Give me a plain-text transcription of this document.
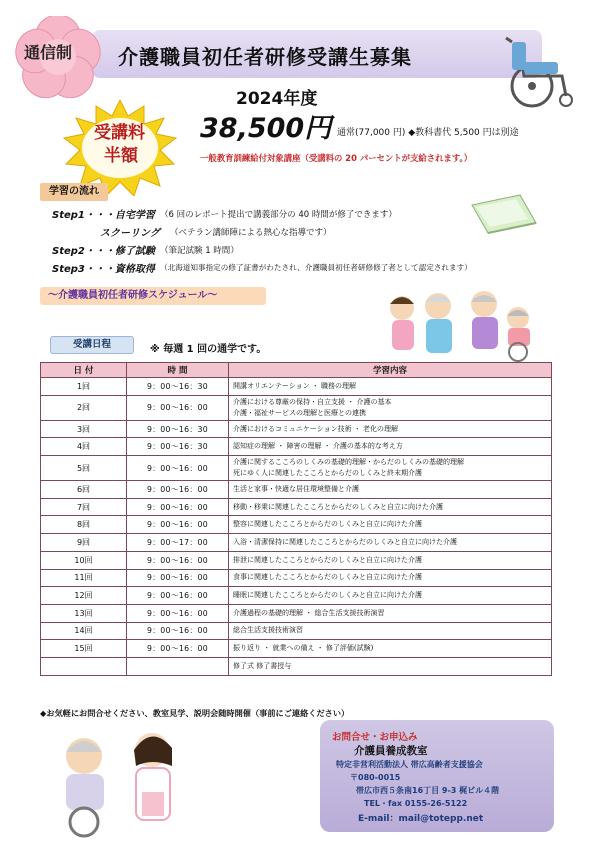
通信制 介護職員初任者研修受講生募集
2024年度
受講料
半額
38,500円 通常(77,000 円) ◆教科書代 5,500 円は別途
一般教育訓練給付対象講座（受講料の 20 パーセントが支給されます。）
学習の流れ
Step1・・・自宅学習 （6 回のレポート提出で講義部分の 40 時間が修了できます）
スクーリング （ベテラン講師陣による熱心な指導です）
Step2・・・修了試験 （筆記試験 1 時間）
Step3・・・資格取得 （北海道知事指定の修了証書がわたされ、介護職員初任者研修修了者として認定されます）
～介護職員初任者研修スケジュール～
受講日程	※ 毎週 1 回の通学です。
日 付	時 間	学習内容
1回	9：00～16：30	開講オリエンテーション ・ 職務の理解
2回	9：00～16：00	介護における尊厳の保持・自立支援 ・ 介護の基本
介護・福祉サービスの理解と医療との連携
3回	9：00～16：30	介護におけるコミュニケーション技術 ・ 老化の理解
4回	9：00～16：30	認知症の理解 ・ 障害の理解 ・ 介護の基本的な考え方
5回	9：00～16：00	介護に関するこころのしくみの基礎的理解・からだのしくみの基礎的理解
死にゆく人に関連したこころとからだのしくみと終末期介護
6回	9：00～16：00	生活と家事・快適な居住環境整備と介護
7回	9：00～16：00	移動・移乗に関連したこころとからだのしくみと自立に向けた介護
8回	9：00～16：00	整容に関連したこころとからだのしくみと自立に向けた介護
9回	9：00～17：00	入浴・清潔保持に関連したこころとからだのしくみと自立に向けた介護
10回	9：00～16：00	排泄に関連したこころとからだのしくみと自立に向けた介護
11回	9：00～16：00	食事に関連したこころとからだのしくみと自立に向けた介護
12回	9：00～16：00	睡眠に関連したこころとからだのしくみと自立に向けた介護
13回	9：00～16：00	介護過程の基礎的理解 ・ 総合生活支援技術演習
14回	9：00～16：00	総合生活支援技術演習
15回	9：00～16：00	振り返り ・ 就業への備え ・ 修了評価(試験)
		修了式 修了書授与
◆お気軽にお問合せください、教室見学、説明会随時開催（事前にご連絡ください）
お問合せ・お申込み
介護員養成教室
特定非営利活動法人 帯広高齢者支援協会
〒080-0015
帯広市西５条南16丁目 9-3 梶ビル４階
TEL・fax 0155-26-5122
E-mail：mail@totepp.net
